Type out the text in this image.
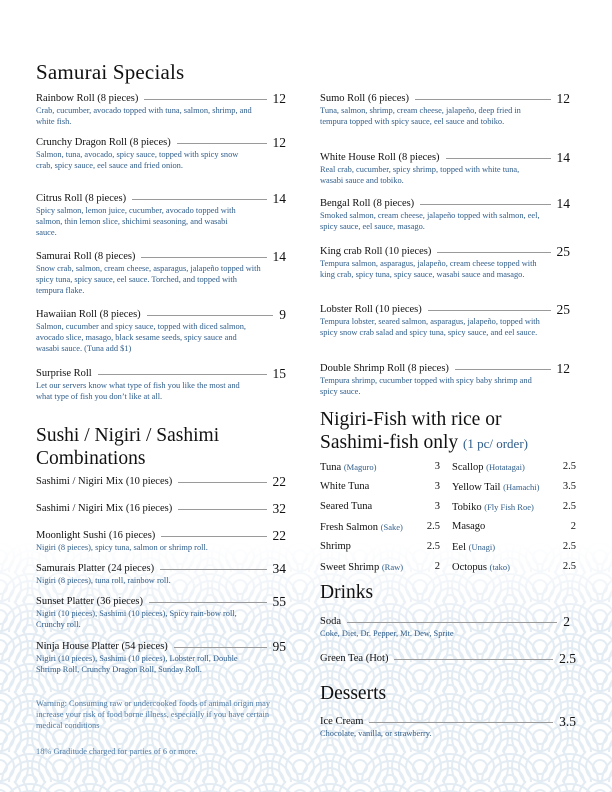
Samurai Specials
Rainbow Roll (8 pieces)	12
Crab, cucumber, avocado topped with tuna, salmon, shrimp, and white fish.
Crunchy Dragon Roll (8 pieces)	12
Salmon, tuna, avocado, spicy sauce, topped with spicy snow crab, spicy sauce, eel sauce and fried onion.
Citrus Roll (8 pieces)	14
Spicy salmon, lemon juice, cucumber, avocado topped with salmon, thin lemon slice, shichimi seasoning, and wasabi sauce.
Samurai Roll (8 pieces)	14
Snow crab, salmon, cream cheese, asparagus, jalapeño topped with spicy tuna, spicy sauce, eel sauce. Torched, and topped with tempura flake.
Hawaiian Roll (8 pieces)	9
Salmon, cucumber and spicy sauce, topped with diced salmon, avocado slice, masago, black sesame seeds, spicy sauce and wasabi sauce. (Tuna add $1)
Surprise Roll	15
Let our servers know what type of fish you like the most and what type of fish you don’t like at all.
Sushi / Nigiri / Sashimi
Combinations
Sashimi / Nigiri Mix (10 pieces)	22
Sashimi / Nigiri Mix (16 pieces)	32
Moonlight Sushi (16 pieces)	22
Nigiri (8 pieces), spicy tuna, salmon or shrimp roll.
Samurais Platter (24 pieces)	34
Nigiri (8 pieces), tuna roll, rainbow roll.
Sunset Platter (36 pieces)	55
Nigiri (10 pieces), Sashimi (10 pieces), Spicy rain-bow roll, Crunchy roll.
Ninja House Platter (54 pieces)	95
Nigiri (10 pieces), Sashimi (10 pieces), Lobster roll, Double Shrimp Roll, Crunchy Dragon Roll, Sunday Roll.
Warning: Consuming raw or undercooked foods of animal origin may increase your risk of food borne illness, especially if you have certain medical conditions
18% Graditude charged for parties of 6 or more.
Sumo Roll (6 pieces)	12
Tuna, salmon, shrimp, cream cheese, jalapeño, deep fried in tempura topped with spicy sauce, eel sauce and tobiko.
White House Roll (8 pieces)	14
Real crab, cucumber, spicy shrimp, topped with white tuna, wasabi sauce and tobiko.
Bengal Roll (8 pieces)	14
Smoked salmon, cream cheese, jalapeño topped with salmon, eel, spicy sauce, eel sauce, masago.
King crab Roll (10 pieces)	25
Tempura salmon, asparagus, jalapeño, cream cheese topped with king crab, spicy tuna, spicy sauce, wasabi sauce and masago.
Lobster Roll (10 pieces)	25
Tempura lobster, seared salmon, asparagus, jalapeño, topped with spicy snow crab salad and spicy tuna, spicy sauce, and eel sauce.
Double Shrimp Roll (8 pieces)	12
Tempura shrimp, cucumber topped with spicy baby shrimp and spicy sauce.
Nigiri-Fish with rice or
Sashimi-fish only (1 pc/ order)
Tuna (Maguro)	3 Scallop (Hotatagai)	2.5
White Tuna	3 Yellow Tail (Hamachi) 3.5
Seared Tuna	3 Tobiko (Fly Fish Roe)	2.5
Fresh Salmon (Sake) 2.5 Masago	2
Shrimp	2.5 Eel (Unagi)	2.5
Sweet Shrimp (Raw)	2 Octopus (tako)	2.5
Drinks
Soda	2
Coke, Diet, Dr. Pepper, Mt. Dew, Sprite
Green Tea (Hot)	2.5
Desserts
Ice Cream	3.5
Chocolate, vanilla, or strawberry.
